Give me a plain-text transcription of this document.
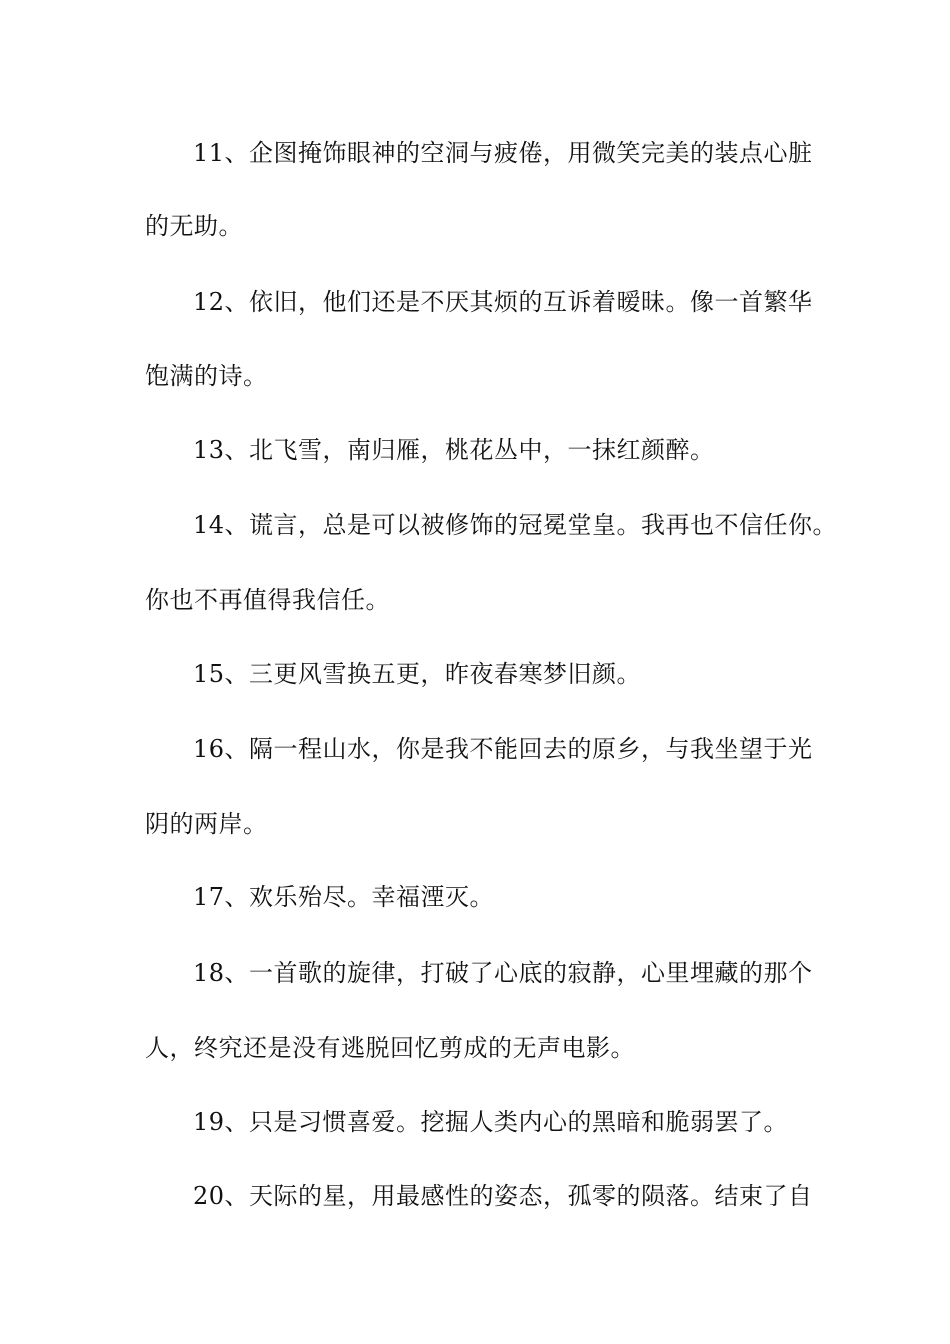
11、企图掩饰眼神的空洞与疲倦，用微笑完美的装点心脏
的无助。
12、依旧，他们还是不厌其烦的互诉着暧昧。像一首繁华
饱满的诗。
13、北飞雪，南归雁，桃花丛中，一抹红颜醉。
14、谎言，总是可以被修饰的冠冕堂皇。我再也不信任你。
你也不再值得我信任。
15、三更风雪换五更，昨夜春寒梦旧颜。
16、隔一程山水，你是我不能回去的原乡，与我坐望于光
阴的两岸。
17、欢乐殆尽。幸福湮灭。
18、一首歌的旋律，打破了心底的寂静，心里埋藏的那个
人，终究还是没有逃脱回忆剪成的无声电影。
19、只是习惯喜爱。挖掘人类内心的黑暗和脆弱罢了。
20、天际的星，用最感性的姿态，孤零的陨落。结束了自
